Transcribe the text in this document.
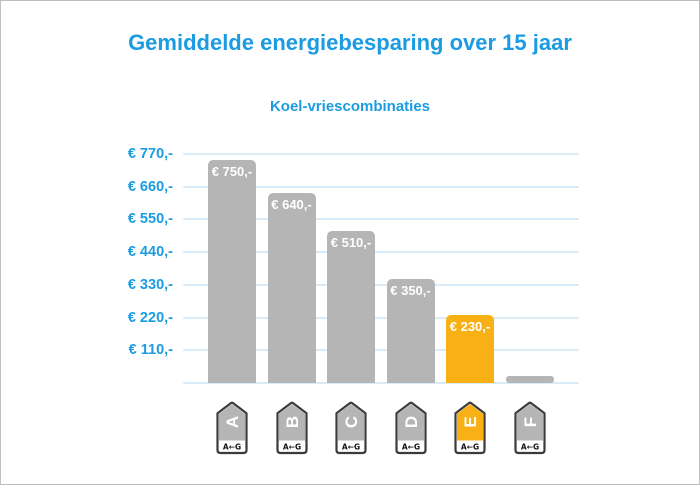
Gemiddelde energiebesparing over 15 jaar
Koel-vriescombinaties
€ 750,-
€ 640,-
€ 510,-
€ 350,-
€ 230,-
A
A←G
B
A←G
C
A←G
D
A←G
E
A←G
F
A←G
€ 770,-
€ 660,-
€ 550,-
€ 440,-
€ 330,-
€ 220,-
€ 110,-
